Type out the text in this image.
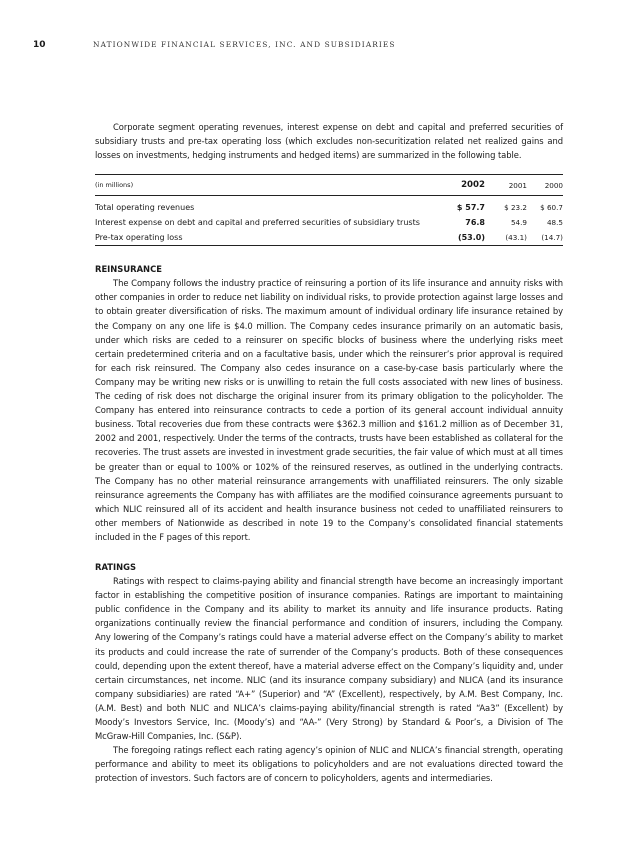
10	NATIONWIDE FINANCIAL SERVICES, INC. AND SUBSIDIARIES

Corporate segment operating revenues, interest expense on debt and capital and preferred securities of subsidiary trusts and pre-tax operating loss (which excludes non-securitization related net realized gains and losses on investments, hedging instruments and hedged items) are summarized in the following table.

(in millions)	2002	2001	2000
Total operating revenues	$ 57.7	$ 23.2	$ 60.7
Interest expense on debt and capital and preferred securities of subsidiary trusts	76.8	54.9	48.5
Pre-tax operating loss	(53.0)	(43.1)	(14.7)
REINSURANCE

The Company follows the industry practice of reinsuring a portion of its life insurance and annuity risks with other companies in order to reduce net liability on individual risks, to provide protection against large losses and to obtain greater diversification of risks. The maximum amount of individual ordinary life insurance retained by the Company on any one life is $4.0 million. The Company cedes insurance primarily on an automatic basis, under which risks are ceded to a reinsurer on specific blocks of business where the underlying risks meet certain predetermined criteria and on a facultative basis, under which the reinsurer’s prior approval is required for each risk reinsured. The Company also cedes insurance on a case-by-case basis particularly where the Company may be writing new risks or is unwilling to retain the full costs associated with new lines of business. The ceding of risk does not discharge the original insurer from its primary obligation to the policyholder. The Company has entered into reinsurance contracts to cede a portion of its general account individual annuity business. Total recoveries due from these contracts were $362.3 million and $161.2 million as of December 31, 2002 and 2001, respectively. Under the terms of the contracts, trusts have been established as collateral for the recoveries. The trust assets are invested in investment grade securities, the fair value of which must at all times be greater than or equal to 100% or 102% of the reinsured reserves, as outlined in the underlying contracts. The Company has no other material reinsurance arrangements with unaffiliated reinsurers. The only sizable reinsurance agreements the Company has with affiliates are the modified coinsurance agreements pursuant to which NLIC reinsured all of its accident and health insurance business not ceded to unaffiliated reinsurers to other members of Nationwide as described in note 19 to the Company’s consolidated financial statements included in the F pages of this report.

RATINGS

Ratings with respect to claims-paying ability and financial strength have become an increasingly important factor in establishing the competitive position of insurance companies. Ratings are important to maintaining public confidence in the Company and its ability to market its annuity and life insurance products. Rating organizations continually review the financial performance and condition of insurers, including the Company. Any lowering of the Company’s ratings could have a material adverse effect on the Company’s ability to market its products and could increase the rate of surrender of the Company’s products. Both of these consequences could, depending upon the extent thereof, have a material adverse effect on the Company’s liquidity and, under certain circumstances, net income. NLIC (and its insurance company subsidiary) and NLICA (and its insurance company subsidiaries) are rated “A+” (Superior) and “A” (Excellent), respectively, by A.M. Best Company, Inc. (A.M. Best) and both NLIC and NLICA’s claims-paying ability/financial strength is rated “Aa3” (Excellent) by Moody’s Investors Service, Inc. (Moody’s) and “AA-” (Very Strong) by Standard & Poor’s, a Division of The McGraw-Hill Companies, Inc. (S&P).

The foregoing ratings reflect each rating agency’s opinion of NLIC and NLICA’s financial strength, operating performance and ability to meet its obligations to policyholders and are not evaluations directed toward the protection of investors. Such factors are of concern to policyholders, agents and intermediaries.
